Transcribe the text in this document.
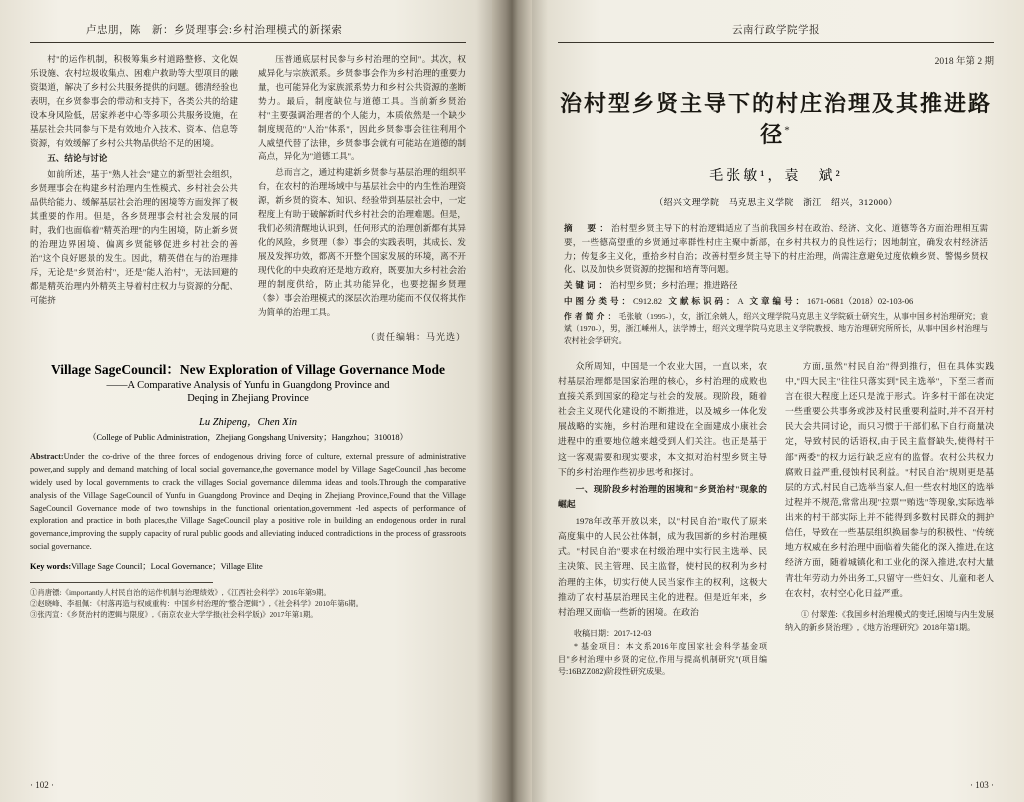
卢忠朋，陈　新：乡贤理事会:乡村治理模式的新探索

村"的运作机制，积极筹集乡村道路整修、文化娱乐设施、农村垃圾收集点、困难户救助等大型项目的融资渠道，解决了乡村公共服务提供的问题。德清经验也表明，在乡贤参事会的带动和支持下，各类公共的给建设本身风险低，居家养老中心等多项公共服务设施，在基层社会共同参与下是有效地介入技术、资本、信息等资源，有效缓解了乡村公共物品供给不足的困境。

五、结论与讨论

如前所述，基于"熟人社会"建立的新型社会组织，乡贤理事会在构建乡村治理内生性模式、乡村社会公共品供给能力、缓解基层社会治理的困境等方面发挥了极其重要的作用。但是，各乡贤理事会村社会发展的同时，我们也面临着"精英治理"的内生困境，防止新乡贤的治理边界困境、偏离乡贤能够促进乡村社会的善治"这个良好愿景的发生。因此，精英借在与的治理排斥，无论是"乡贤治村"，还是"能人治村"，无法回避的都是精英治理内外精英主导着村庄权力与资源的分配、可能挤

压普通底层村民参与乡村治理的空间"。其次，权威异化与宗族派系。乡贤参事会作为乡村治理的重要力量，也可能异化为家族派系势力和乡村公共资源的垄断势力。最后，制度缺位与道德工具。当前新乡贤治村"主要强调治理者的个人能力，本质依然是一个缺少制度规范的"人治"体系"，因此乡贤参事会往往利用个人威望代替了法律，乡贤参事会就有可能站在道德的制高点，异化为"道德工具"。

总而言之，通过构建新乡贤参与基层治理的组织平台，在农村的治理场域中与基层社会中的内生性治理资源，新乡贤的资本、知识、经验带到基层社会中，一定程度上有助于破解新时代乡村社会的治理难题。但是，我们必须清醒地认识到，任何形式的治理创新都有其异化的风险，乡贤理（参）事会的实践表明，其成长、发展及发挥功效，都离不开整个国家发展的环境，离不开现代化的中央政府还是地方政府，既要加大乡村社会治理的制度供给，防止其功能异化，也要挖掘乡贤理（参）事会治理模式的深层次治理功能而不仅仅将其作为简单的治理工具。

（责任编辑：马光选）
Village SageCouncil：New Exploration of Village Governance Mode
——A Comparative Analysis of Yunfu in Guangdong Province and
Deqing in Zhejiang Province
Lu Zhipeng，Chen Xin
（College of Public Administration，Zhejiang Gongshang University；Hangzhou；310018）
Abstract:Under the co-drive of the three forces of endogenous driving force of culture, external pressure of administrative power,and supply and demand matching of local social governance,the governance model by Village SageCouncil ,has become widely used by local governments to crack the villages Social governance dilemma ideas and tools.Through the comparative analysis of the Village SageCouncil of Yunfu in Guangdong Province and Deqing in Zhejiang Province,Found that the Village SageCouncil Governance mode of two townships in the functional orientation,government -led aspects of performance of exploration and practice in both places,the Village SageCouncil play a positive role in building an endogenous order in rural governance,improving the supply capacity of rural public goods and alleviating induced contradictions in the process of grassroots social governance.
Key words:Village Sage Council；Local Governance；Village Elite
①肖唐镖:《importantly人村民自治的运作机制与治理绩效》,《江西社会科学》2016年第9期。
②赵晓峰、李祖佩：《村落再造与权威重构：中国乡村治理的"整合逻辑"》,《社会科学》2010年第6期。
③张丙宣：《乡贤治村的逻辑与限度》,《南京农业大学学报(社会科学版)》2017年第1期。
· 102 ·
云南行政学院学报
2018 年第 2 期
治村型乡贤主导下的村庄治理及其推进路径*
毛张敏¹，袁　斌²
（绍兴文理学院　马克思主义学院　浙江　绍兴，312000）

摘　要：治村型乡贤主导下的村治逻辑适应了当前我国乡村在政治、经济、文化、道德等各方面治理相互需要，一些德高望重的乡贤通过率群性村庄主聚中新部，在乡村共权力的良性运行；因地制宜，确发农村经济活力；传复多主义化，重拾乡村自治；改善村型乡贤主导下的村庄治理，尚需注意避免过度依赖乡贤、警惕乡贤权化、以及加快乡贤资源的挖掘和培育等问题。

关键词：治村型乡贤；乡村治理；推进路径

中图分类号：C912.82 文献标识码：A 文章编号：1671-0681（2018）02-103-06

作者简介：毛张敏（1995-），女，浙江余姚人，绍兴文理学院马克思主义学院硕士研究生，从事中国乡村治理研究；袁斌（1970-），男，浙江嵊州人，法学博士，绍兴文理学院马克思主义学院教授、地方治理研究所所长，从事中国乡村治理与农村社会学研究。

众所周知，中国是一个农业大国，一直以来，农村基层治理都是国家治理的核心，乡村治理的成败也直接关系到国家的稳定与社会的发展。现阶段，随着社会主义现代化建设的不断推进，以及城乡一体化发展战略的实施，乡村治理和建设在全面建成小康社会进程中的重要地位越来越受到人们关注。也正是基于这一客观需要和现实要求，本文拟对治村型乡贤主导下的乡村治理作些初步思考和探讨。

一、现阶段乡村治理的困境和"乡贤治村"现象的崛起

1978年改革开放以来，以"村民自治"取代了原来高度集中的人民公社体制，成为我国新的乡村治理模式。"村民自治"要求在村级治理中实行民主选举、民主决策、民主管理、民主监督，使村民的权利为乡村治理的主体，切实行使人民当家作主的权利，这极大推动了农村基层治理民主化的进程。但是近年来，乡村治理又面临一些新的困境。在政治

收稿日期：2017-12-03

* 基金项目：本文系2016年度国家社会科学基金项目"乡村治理中乡贤的定位,作用与提高机制研究"(项目编号:16BZZ082)阶段性研究成果。

方面,虽然"村民自治"得到推行，但在具体实践中,"四大民主"往往只落实到"民主选举"，下至三者而言在很大程度上还只是流于形式。许多村干部在决定一些重要公共事务或涉及村民重要利益时,并不召开村民大会共同讨论，而只习惯于干部们私下自行商量决定，导致村民的话语权,由于民主监督缺失,使得村干部"两委"的权力运行缺乏应有的监督。农村公共权力腐败日益严重,侵蚀村民利益。"村民自治"规则更是基层的方式,村民自己选举当家人,但一些农村地区的选举过程并不规范,常常出现"拉票""贿选"等现象,实际选举出来的村干部实际上并不能得到多数村民群众的拥护信任，导致在一些基层组织换届参与的积极性、"传统地方权威在乡村治理中面临着失能化的深入推进,在这经济方面，随着城镇化和工业化的深入推进,农村大量青壮年劳动力外出务工,只留守一些妇女、儿童和老人在农村，农村空心化日益严重。

① 付翠莲:《我国乡村治理模式的变迁,困境与内生发展纳入的新乡贤治理》,《地方治理研究》2018年第1期。

· 103 ·
